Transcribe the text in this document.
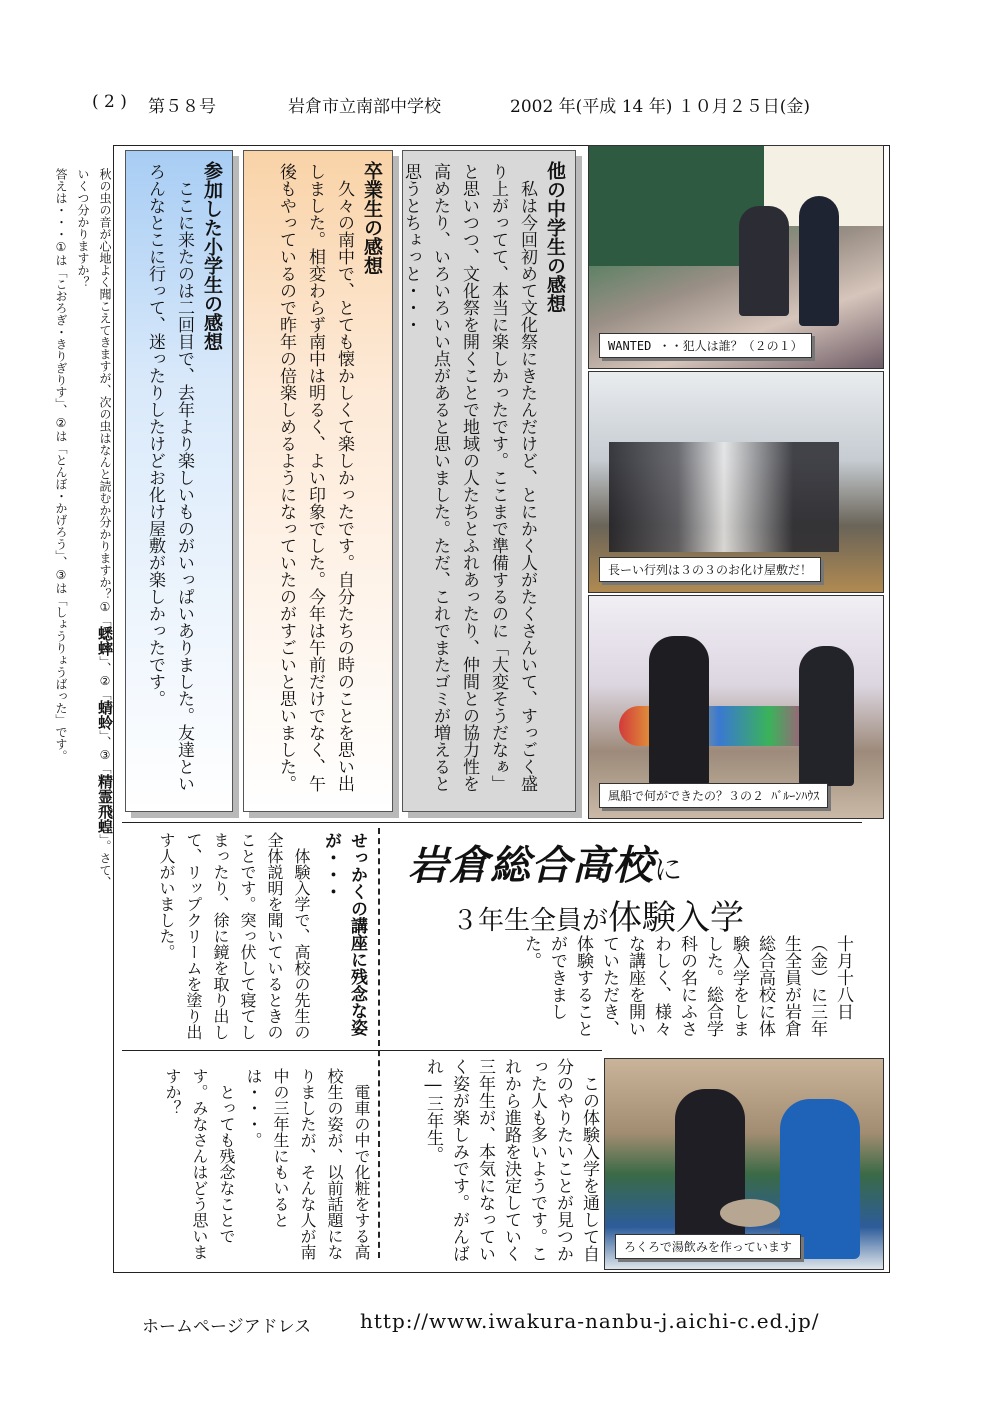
( 2 ) 第５８号	岩倉市立南部中学校	2002 年(平成 14 年) １０月２５日(金)
秋の虫の音が心地よく聞こえてきますが、次の虫はなんと読むか分かりますか？①「蟋蟀」、②「蜻蛉」、③「精霊飛蝗」。さて、いくつ分かりますか？	他の中学生の感想
　私は今回初めて文化祭にきたんだけど、とにかく人がたくさんいて、すっごく盛り上がってて、本当に楽しかったです。ここまで準備するのに「大変そうだなぁ」と思いつつ、文化祭を開くことで地域の人たちとふれあったり、仲間との協力性を高めたり、いろいろいい点があると思いました。ただ、これでまたゴミが増えると思うとちょっと・・・
卒業生の感想
　久々の南中で、とても懐かしくて楽しかったです。自分たちの時のことを思い出しました。相変わらず南中は明るく、よい印象でした。今年は午前だけでなく、午後もやっているので昨年の倍楽しめるようになっていたのがすごいと思いました。
参加した小学生の感想
　ここに来たのは二回目で、去年より楽しいものがいっぱいありました。友達といろんなとこに行って、迷ったりしたけどお化け屋敷が楽しかったです。	WANTED ・・犯人は誰？（２の１）
長ーい行列は３の３のお化け屋敷だ！
風船で何ができたの？３の２ ﾊﾞﾙｰﾝﾊｳｽ
岩倉総合高校に
３年生全員が体験入学
十月十八日（金）に三年生全員が岩倉総合高校に体験入学をしました。総合学科の名にふさわしく、様々な講座を開いていただき、体験することができました。
　この体験入学を通して自分のやりたいことが見つかった人も多いようです。これから進路を決定していく三年生が、本気になっていく姿が楽しみです。がんばれ―三年生。
ろくろで湯飲みを作っています
せっかくの講座に残念な姿が・・・
　体験入学で、高校の先生の全体説明を聞いているときのことです。突っ伏して寝てしまったり、徐に鏡を取り出して、リップクリームを塗り出す人がいました。
　電車の中で化粧をする高校生の姿が、以前話題になりましたが、そんな人が南中の三年生にもいるとは・・・。
　とっても残念なことです。みなさんはどう思いますか？
ホームページアドレス http://www.iwakura-nanbu-j.aichi-c.ed.jp/
答えは・・・①は「こおろぎ・きりぎりす」、②は「とんぼ・かげろう」、③は「しょうりょうばった」です。
